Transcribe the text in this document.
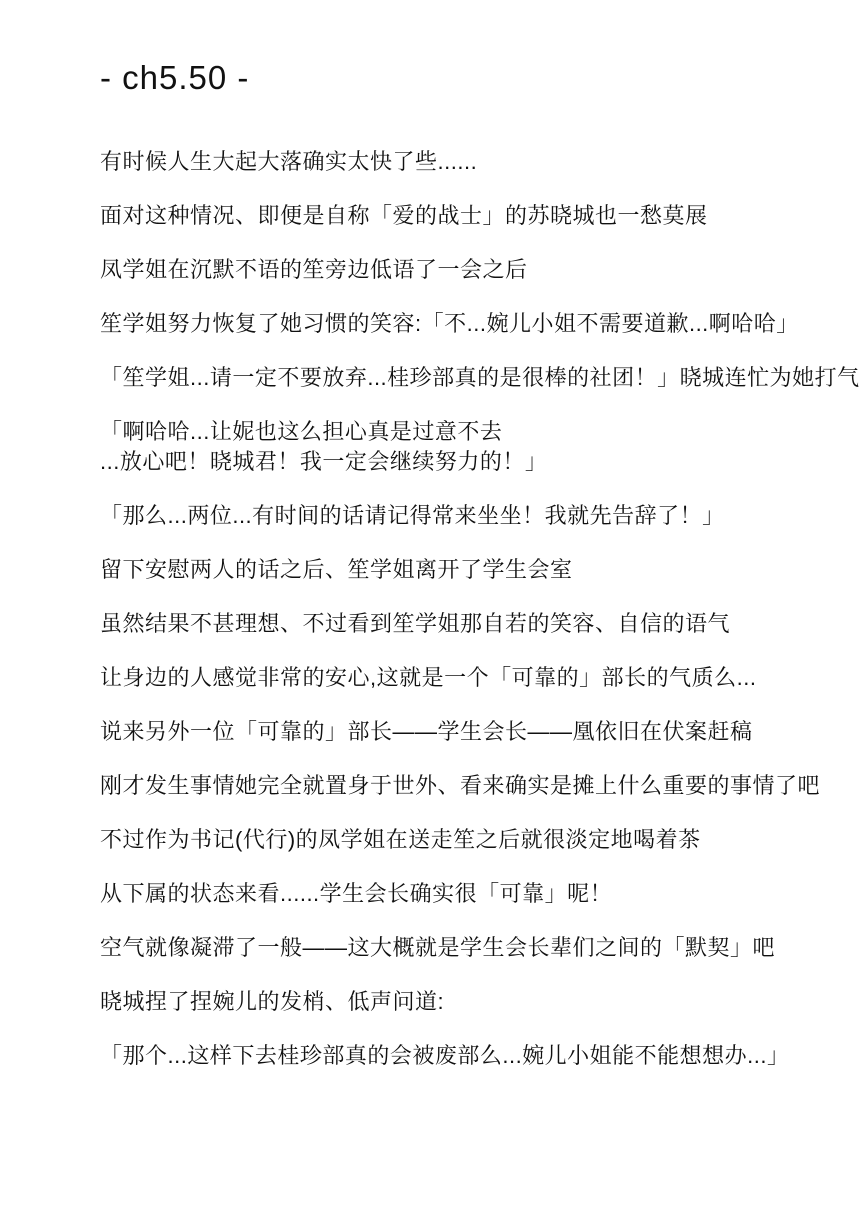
- ch5.50 -

有时候人生大起大落确实太快了些......

面对这种情况、即便是自称「爱的战士」的苏晓城也一愁莫展

凤学姐在沉默不语的笙旁边低语了一会之后

笙学姐努力恢复了她习惯的笑容:「不...婉儿小姐不需要道歉...啊哈哈」

「笙学姐...请一定不要放弃...桂珍部真的是很棒的社团！」晓城连忙为她打气

「啊哈哈...让妮也这么担心真是过意不去
...放心吧！晓城君！我一定会继续努力的！」

「那么...两位...有时间的话请记得常来坐坐！我就先告辞了！」

留下安慰两人的话之后、笙学姐离开了学生会室

虽然结果不甚理想、不过看到笙学姐那自若的笑容、自信的语气

让身边的人感觉非常的安心,这就是一个「可靠的」部长的气质么...

说来另外一位「可靠的」部长——学生会长——凰依旧在伏案赶稿

刚才发生事情她完全就置身于世外、看来确实是摊上什么重要的事情了吧

不过作为书记(代行)的凤学姐在送走笙之后就很淡定地喝着茶

从下属的状态来看......学生会长确实很「可靠」呢！

空气就像凝滞了一般——这大概就是学生会长辈们之间的「默契」吧

晓城捏了捏婉儿的发梢、低声问道:

「那个...这样下去桂珍部真的会被废部么...婉儿小姐能不能想想办...」
